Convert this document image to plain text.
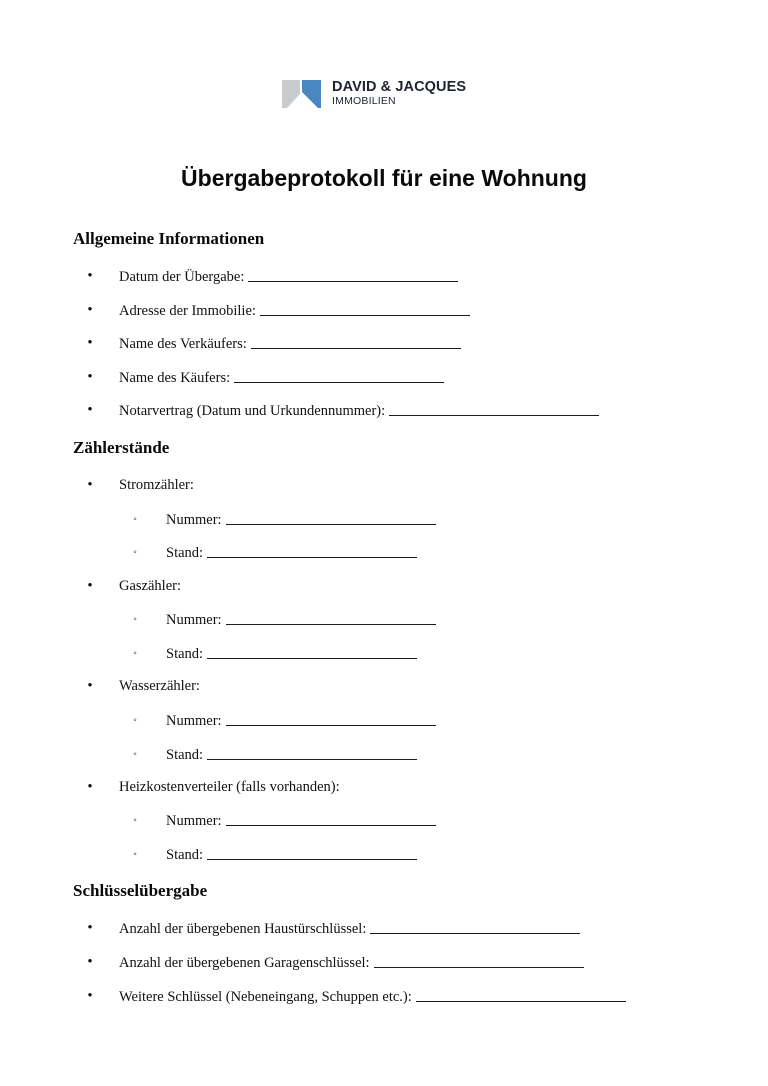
DAVID & JACQUES
IMMOBILIEN
Übergabeprotokoll für eine Wohnung
Allgemeine Informationen
• Datum der Übergabe:
• Adresse der Immobilie:
• Name des Verkäufers:
• Name des Käufers:
• Notarvertrag (Datum und Urkundennummer):
Zählerstände
• Stromzähler:
◦ Nummer:
◦ Stand:
• Gaszähler:
◦ Nummer:
◦ Stand:
• Wasserzähler:
◦ Nummer:
◦ Stand:
• Heizkostenverteiler (falls vorhanden):
◦ Nummer:
◦ Stand:
Schlüsselübergabe
• Anzahl der übergebenen Haustürschlüssel:
• Anzahl der übergebenen Garagenschlüssel:
• Weitere Schlüssel (Nebeneingang, Schuppen etc.):
